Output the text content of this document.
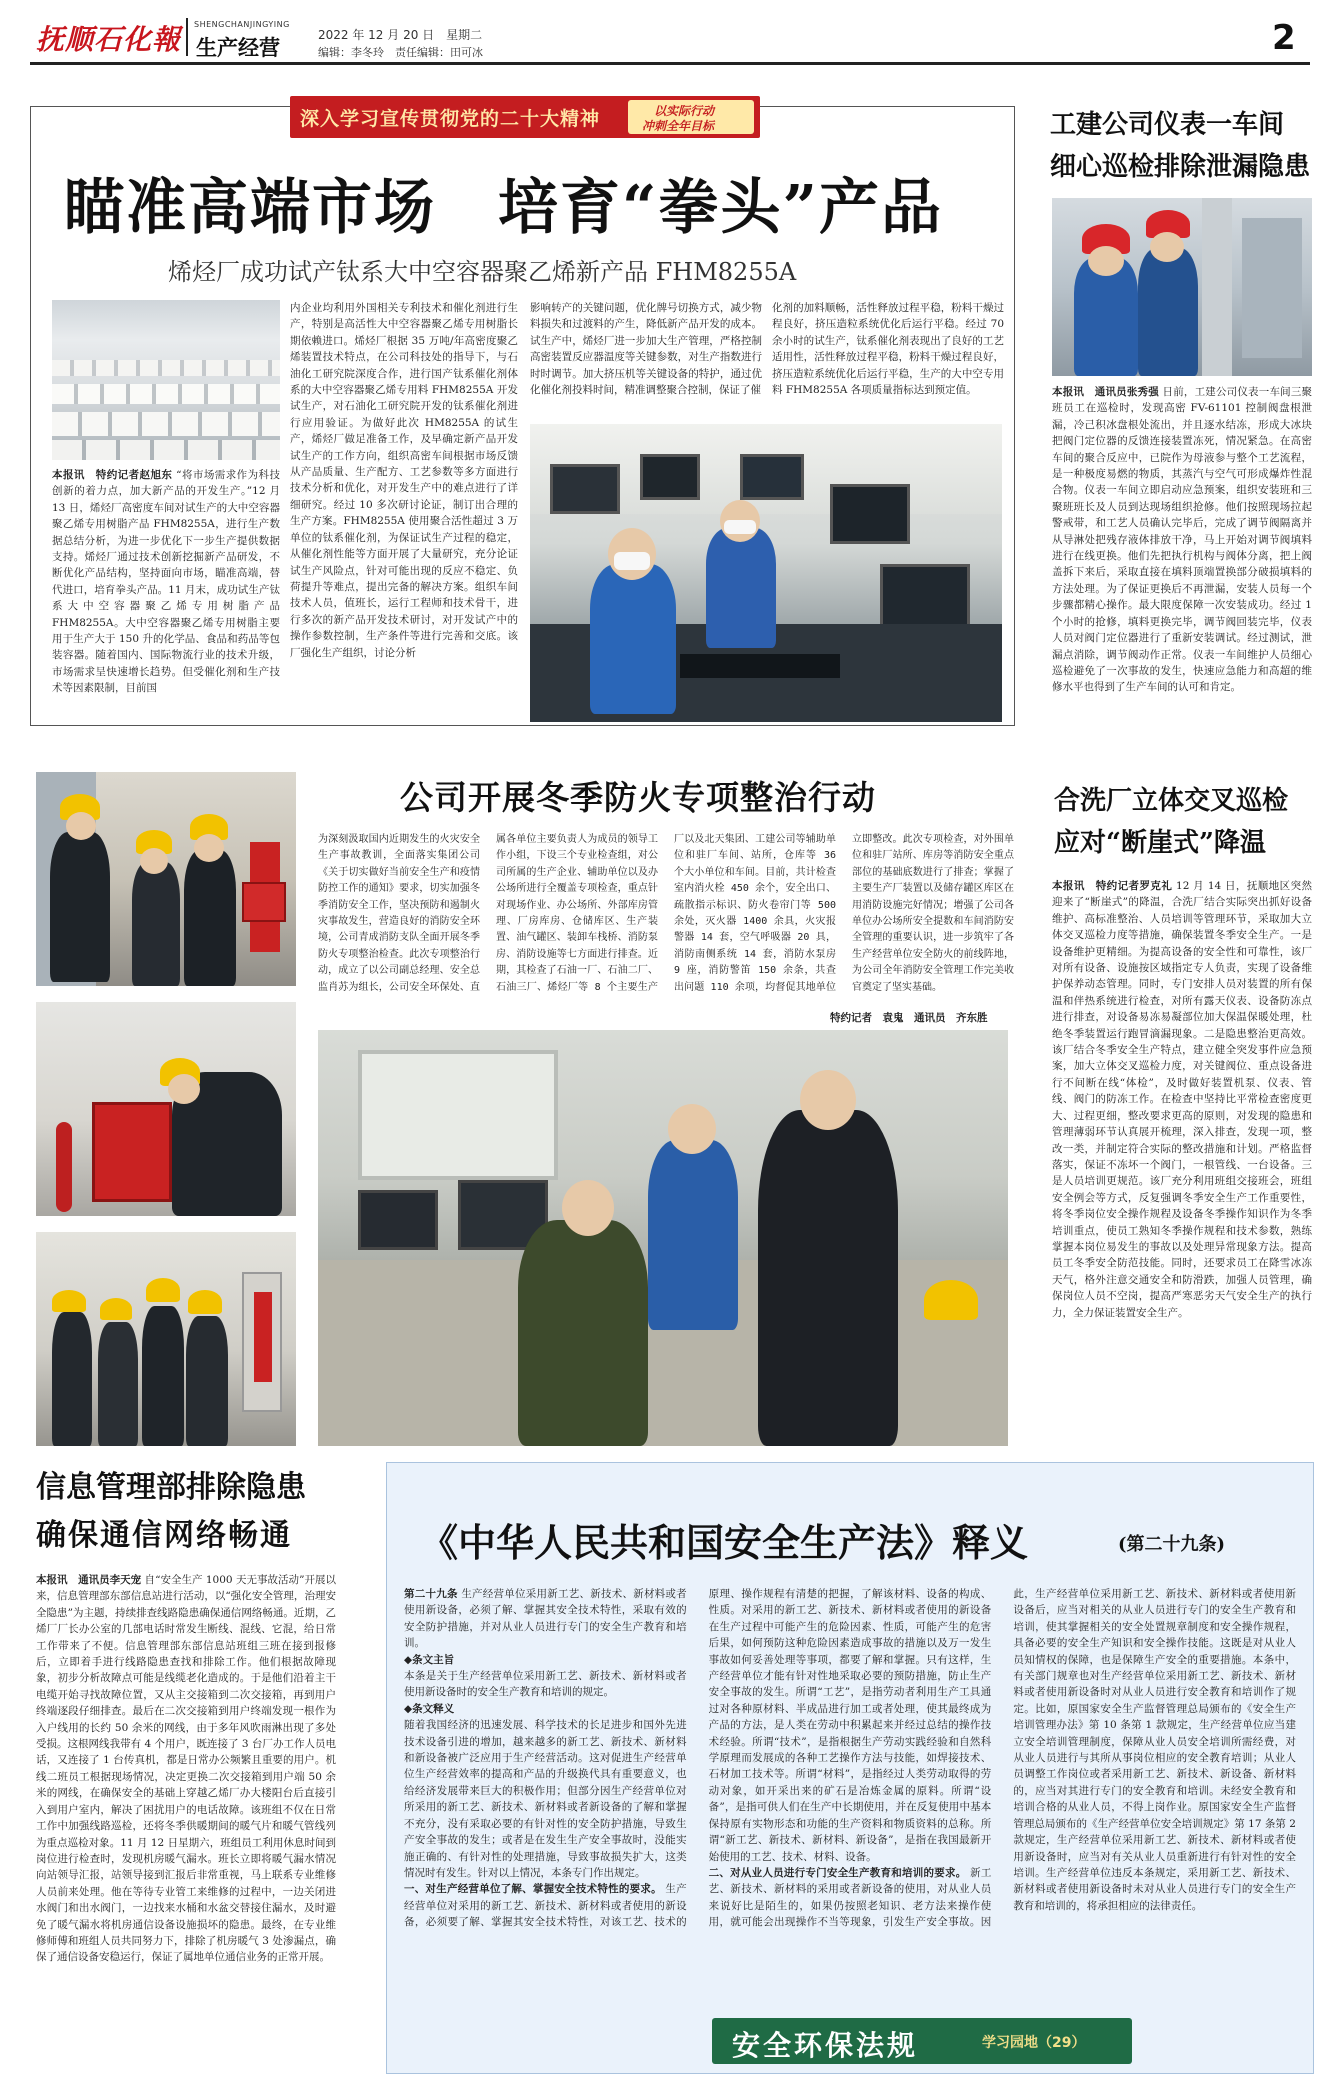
抚顺石化報 SHENGCHANJINGYING
生产经营
2022 年 12 月 20 日　星期二
编辑：李冬玲　责任编辑：田可冰	2
深入学习宣传贯彻党的二十大精神	以实际行动
冲刺全年目标
瞄准高端市场　培育“拳头”产品
烯烃厂成功试产钛系大中空容器聚乙烯新产品 FHM8255A
本报讯　特约记者赵旭东 “将市场需求作为科技创新的着力点，加大新产品的开发生产。”12 月 13 日，烯烃厂高密度车间对试生产的大中空容器聚乙烯专用树脂产品 FHM8255A，进行生产数据总结分析，为进一步优化下一步生产提供数据支持。烯烃厂通过技术创新挖掘新产品研发，不断优化产品结构，坚持面向市场，瞄准高端，替代进口，培育拳头产品。11 月末，成功试生产钛系大中空容器聚乙烯专用树脂产品 FHM8255A。大中空容器聚乙烯专用树脂主要用于生产大于 150 升的化学品、食品和药品等包装容器。随着国内、国际物流行业的技术升级，市场需求呈快速增长趋势。但受催化剂和生产技术等因素限制，目前国
内企业均利用外国相关专利技术和催化剂进行生产，特别是高活性大中空容器聚乙烯专用树脂长期依赖进口。烯烃厂根据 35 万吨/年高密度聚乙烯装置技术特点，在公司科技处的指导下，与石油化工研究院深度合作，进行国产钛系催化剂体系的大中空容器聚乙烯专用料 FHM8255A 开发试生产，对石油化工研究院开发的钛系催化剂进行应用验证。为做好此次 HM8255A 的试生产，烯烃厂做足准备工作，及早确定新产品开发试生产的工作方向，组织高密车间根据市场反馈从产品质量、生产配方、工艺参数等多方面进行技术分析和优化，对开发生产中的难点进行了详细研究。经过 10 多次研讨论证，制订出合理的生产方案。FHM8255A 使用聚合活性超过 3 万单位的钛系催化剂，为保证试生产过程的稳定，从催化剂性能等方面开展了大量研究，充分论证试生产风险点，针对可能出现的反应不稳定、负荷提升等难点，提出完备的解决方案。组织车间技术人员，值班长，运行工程师和技术骨干，进行多次的新产品开发技术研讨，对开发试产中的操作参数控制，生产条件等进行完善和交底。该厂强化生产组织，讨论分析
影响转产的关键问题，优化牌号切换方式，减少物料损失和过渡料的产生，降低新产品开发的成本。试生产中，烯烃厂进一步加大生产管理，严格控制高密装置反应器温度等关键参数，对生产指数进行时时调节。加大挤压机等关键设备的特护，通过优化催化剂投料时间，精准调整聚合控制，保证了催
化剂的加料顺畅，活性释放过程平稳，粉料干燥过程良好，挤压造粒系统优化后运行平稳。经过 70 余小时的试生产，钛系催化剂表现出了良好的工艺适用性，活性释放过程平稳，粉料干燥过程良好，挤压造粒系统优化后运行平稳，生产的大中空专用料 FHM8255A 各项质量指标达到预定值。
工建公司仪表一车间
细心巡检排除泄漏隐患
本报讯　通讯员张秀强 日前，工建公司仪表一车间三聚班员工在巡检时，发现高密 FV-61101 控制阀盘根泄漏，冷己积冰盘根处流出，并且逐水结冻，形成大冰块把阀门定位器的反馈连接装置冻死，情况紧急。在高密车间的聚合反应中，已院作为母液参与整个工艺流程，是一种极度易燃的物质，其蒸汽与空气可形成爆炸性混合物。仪表一车间立即启动应急预案，组织安装班和三聚班班长及人员到达现场组织抢修。他们按照现场拉起警戒带，和工艺人员确认完毕后，完成了调节阀隔离并从导淋处把残存液体排放干净，马上开始对调节阀填料进行在线更换。他们先把执行机构与阀体分离，把上阀盖拆下来后，采取直接在填料顶端置换部分破损填料的方法处理。为了保证更换后不再泄漏，安装人员每一个步骤都精心操作。最大限度保障一次安装成功。经过 1 个小时的抢修，填料更换完毕，调节阀回装完毕，仪表人员对阀门定位器进行了重新安装调试。经过测试，泄漏点消除，调节阀动作正常。仪表一车间维护人员细心巡检避免了一次事故的发生，快速应急能力和高超的维修水平也得到了生产车间的认可和肯定。
公司开展冬季防火专项整治行动
为深刻汲取国内近期发生的火灾安全生产事故教训，全面落实集团公司《关于切实做好当前安全生产和疫情防控工作的通知》要求，切实加强冬季消防安全工作，坚决预防和遏制火灾事故发生，营造良好的消防安全环境，公司青成消防支队全面开展冬季防火专项整治检查。此次专项整治行动，成立了以公司副总经理、安全总监肖苏为组长，公司安全环保处、直属各单位主要负责人为成员的领导工作小组，下设三个专业检查组，对公司所属的生产企业、辅助单位以及办公场所进行全覆盖专项检查，重点针对现场作业、办公场所、外部库房管理、厂房库房、仓储库区、生产装置、油气罐区、装卸车栈桥、消防泵房、消防设施等七方面进行排查。近期，其检查了石油一厂、石油二厂、石油三厂、烯烃厂等 8 个主要生产厂以及北天集团、工建公司等辅助单位和驻厂车间、站所，仓库等 36 个大小单位和车间。目前，共计检查室内消火栓 450 余个，安全出口、疏散指示标识、防火卷帘门等 500 余处，灭火器 1400 余具，火灾报警器 14 套，空气呼吸器 20 具，消防南侧系统 14 套，消防水泵房 9 座，消防警笛 150 余条，共查出问题 110 余项，均督促其地单位立即整改。此次专项检查，对外围单位和驻厂站所、库房等消防安全重点部位的基础底数进行了排查；掌握了主要生产厂装置以及储存罐区库区在用消防设施完好情况；增强了公司各单位办公场所安全提数和车间消防安全管理的重要认识，进一步筑牢了各生产经营单位安全防火的前线阵地，为公司全年消防安全管理工作完美收官奠定了坚实基础。
特约记者　袁鬼　通讯员　齐东胜
合洗厂立体交叉巡检
应对“断崖式”降温
本报讯　特约记者罗克礼 12 月 14 日，抚顺地区突然迎来了“断崖式”的降温，合洗厂结合实际突出抓好设备维护、高标准整治、人员培训等管理环节，采取加大立体交叉巡检力度等措施，确保装置冬季安全生产。一是设备维护更精细。为提高设备的安全性和可靠性，该厂对所有设备、设施按区域指定专人负责，实现了设备维护保养动态管理。同时，专门安排人员对装置的所有保温和伴热系统进行检查，对所有露天仪表、设备防冻点进行排查，对设备易冻易凝部位加大保温保暖处理，杜绝冬季装置运行跑冒滴漏现象。二是隐患整治更高效。该厂结合冬季安全生产特点，建立健全突发事件应急预案，加大立体交叉巡检力度，对关键阀位、重点设备进行不间断在线“体检”，及时做好装置机泵、仪表、管线、阀门的防冻工作。在检查中坚持比平常检查密度更大、过程更细，整改要求更高的原则，对发现的隐患和管理薄弱环节认真展开梳理，深入排查，发现一项，整改一类，并制定符合实际的整改措施和计划。严格监督落实，保证不冻坏一个阀门，一根管线、一台设备。三是人员培训更规范。该厂充分利用班组交接班会，班组安全例会等方式，反复强调冬季安全生产工作重要性，将冬季岗位安全操作规程及设备冬季操作知识作为冬季培训重点，使员工熟知冬季操作规程和技术参数，熟练掌握本岗位易发生的事故以及处理异常现象方法。提高员工冬季安全防范技能。同时，还要求员工在降雪冰冻天气，格外注意交通安全和防滑跌，加强人员管理，确保岗位人员不空岗，提高严寒恶劣天气安全生产的执行力，全力保证装置安全生产。
信息管理部排除隐患
确保通信网络畅通
本报讯　通讯员李天宠 自“安全生产 1000 天无事故活动”开展以来，信息管理部东部信息站进行活动，以“强化安全管理，治理安全隐患”为主题，持续排查线路隐患确保通信网络畅通。近期，乙烯厂厂长办公室的几部电话时常发生断线、混线、它混，给日常工作带来了不便。信息管理部东部信息站班组三班在接到报修后，立即着手进行线路隐患查找和排除工作。他们根据故障现象，初步分析故障点可能是线缆老化造成的。于是他们沿着主干电缆开始寻找故障位置，又从主交接箱到二次交接箱，再到用户终端逐段仔细排查。最后在二次交接箱到用户终端发现一根作为入户线用的长约 50 余米的网线，由于多年风吹雨淋出现了多处受损。这根网线我带有 4 个用户，既连接了 3 台厂办工作人员电话，又连接了 1 台传真机，都是日常办公频繁且重要的用户。机线二班员工根据现场情况，决定更换二次交接箱到用户端 50 余米的网线，在确保安全的基础上穿越乙烯厂办大楼阳台后直接引入到用户室内，解决了困扰用户的电话故障。该班组不仅在日常工作中加强线路巡检，还将冬季供暖期间的暖气片和暖气管线列为重点巡检对象。11 月 12 日星期六，班组员工利用休息时间到岗位进行检查时，发现机房暖气漏水。班长立即将暖气漏水情况向站领导汇报，站领导接到汇报后非常重视，马上联系专业维修人员前来处理。他在等待专业管工来维修的过程中，一边关闭进水阀门和出水阀门，一边找来水桶和水盆交替接住漏水，及时避免了暖气漏水将机房通信设备设施损坏的隐患。最终，在专业维修师傅和班组人员共同努力下，排除了机房暖气 3 处渗漏点，确保了通信设备安稳运行，保证了属地单位通信业务的正常开展。
《中华人民共和国安全生产法》释义	(第二十九条)
第二十九条 生产经营单位采用新工艺、新技术、新材料或者使用新设备，必须了解、掌握其安全技术特性，采取有效的安全防护措施，并对从业人员进行专门的安全生产教育和培训。
◆条文主旨
本条是关于生产经营单位采用新工艺、新技术、新材料或者使用新设备时的安全生产教育和培训的规定。
◆条文释义
随着我国经济的迅速发展、科学技术的长足进步和国外先进技术设备引进的增加，越来越多的新工艺、新技术、新材料和新设备被广泛应用于生产经营活动。这对促进生产经营单位生产经营效率的提高和产品的升级换代具有重要意义，也给经济发展带来巨大的积极作用；但部分因生产经营单位对所采用的新工艺、新技术、新材料或者新设备的了解和掌握不充分，没有采取必要的有针对性的安全防护措施，导致生产安全事故的发生；或者是在发生生产安全事故时，没能实施正确的、有针对性的处理措施，导致事故损失扩大，这类情况时有发生。针对以上情况，本条专门作出规定。
一、对生产经营单位了解、掌握安全技术特性的要求。 生产经营单位对采用的新工艺、新技术、新材料或者使用的新设备，必须要了解、掌握其安全技术特性，对该工艺、技术的原理、操作规程有清楚的把握，了解该材料、设备的构成、性质。对采用的新工艺、新技术、新材料或者使用的新设备在生产过程中可能产生的危险因素、性质，可能产生的危害后果，如何预防这种危险因素造成事故的措施以及万一发生事故如何妥善处理等事项，都要了解和掌握。只有这样，生产经营单位才能有针对性地采取必要的预防措施，防止生产安全事故的发生。所谓“工艺”，是指劳动者利用生产工具通过对各种原材料、半成品进行加工或者处理，使其最终成为产品的方法，是人类在劳动中积累起来并经过总结的操作技术经验。所谓“技术”，是指根据生产劳动实践经验和自然科学原理而发展成的各种工艺操作方法与技能，如焊接技术、石材加工技术等。所谓“材料”，是指经过人类劳动取得的劳动对象，如开采出来的矿石是冶炼金属的原料。所谓“设备”，是指可供人们在生产中长期使用，并在反复使用中基本保持原有实物形态和功能的生产资料和物质资料的总称。所谓“新工艺、新技术、新材料、新设备”，是指在我国最新开始使用的工艺、技术、材料、设备。
二、对从业人员进行专门安全生产教育和培训的要求。 新工艺、新技术、新材料的采用或者新设备的使用，对从业人员来说好比是陌生的，如果仍按照老知识、老方法来操作使用，就可能会出现操作不当等现象，引发生产安全事故。因此，生产经营单位采用新工艺、新技术、新材料或者使用新设备后，应当对相关的从业人员进行专门的安全生产教育和培训，使其掌握相关的安全处置规章制度和安全操作规程，具备必要的安全生产知识和安全操作技能。这既是对从业人员知情权的保障，也是保障生产安全的重要措施。本条中，有关部门规章也对生产经营单位采用新工艺、新技术、新材料或者使用新设备时对从业人员进行安全教育和培训作了规定。比如，原国家安全生产监督管理总局颁布的《安全生产培训管理办法》第 10 条第 1 款规定，生产经营单位应当建立安全培训管理制度，保障从业人员安全培训所需经费，对从业人员进行与其所从事岗位相应的安全教育培训；从业人员调整工作岗位或者采用新工艺、新技术、新设备、新材料的，应当对其进行专门的安全教育和培训。未经安全教育和培训合格的从业人员，不得上岗作业。原国家安全生产监督管理总局颁布的《生产经营单位安全培训规定》第 17 条第 2 款规定，生产经营单位采用新工艺、新技术、新材料或者使用新设备时，应当对有关从业人员重新进行有针对性的安全培训。生产经营单位违反本条规定，采用新工艺、新技术、新材料或者使用新设备时未对从业人员进行专门的安全生产教育和培训的，将承担相应的法律责任。
安全环保法规	学习园地（29）
